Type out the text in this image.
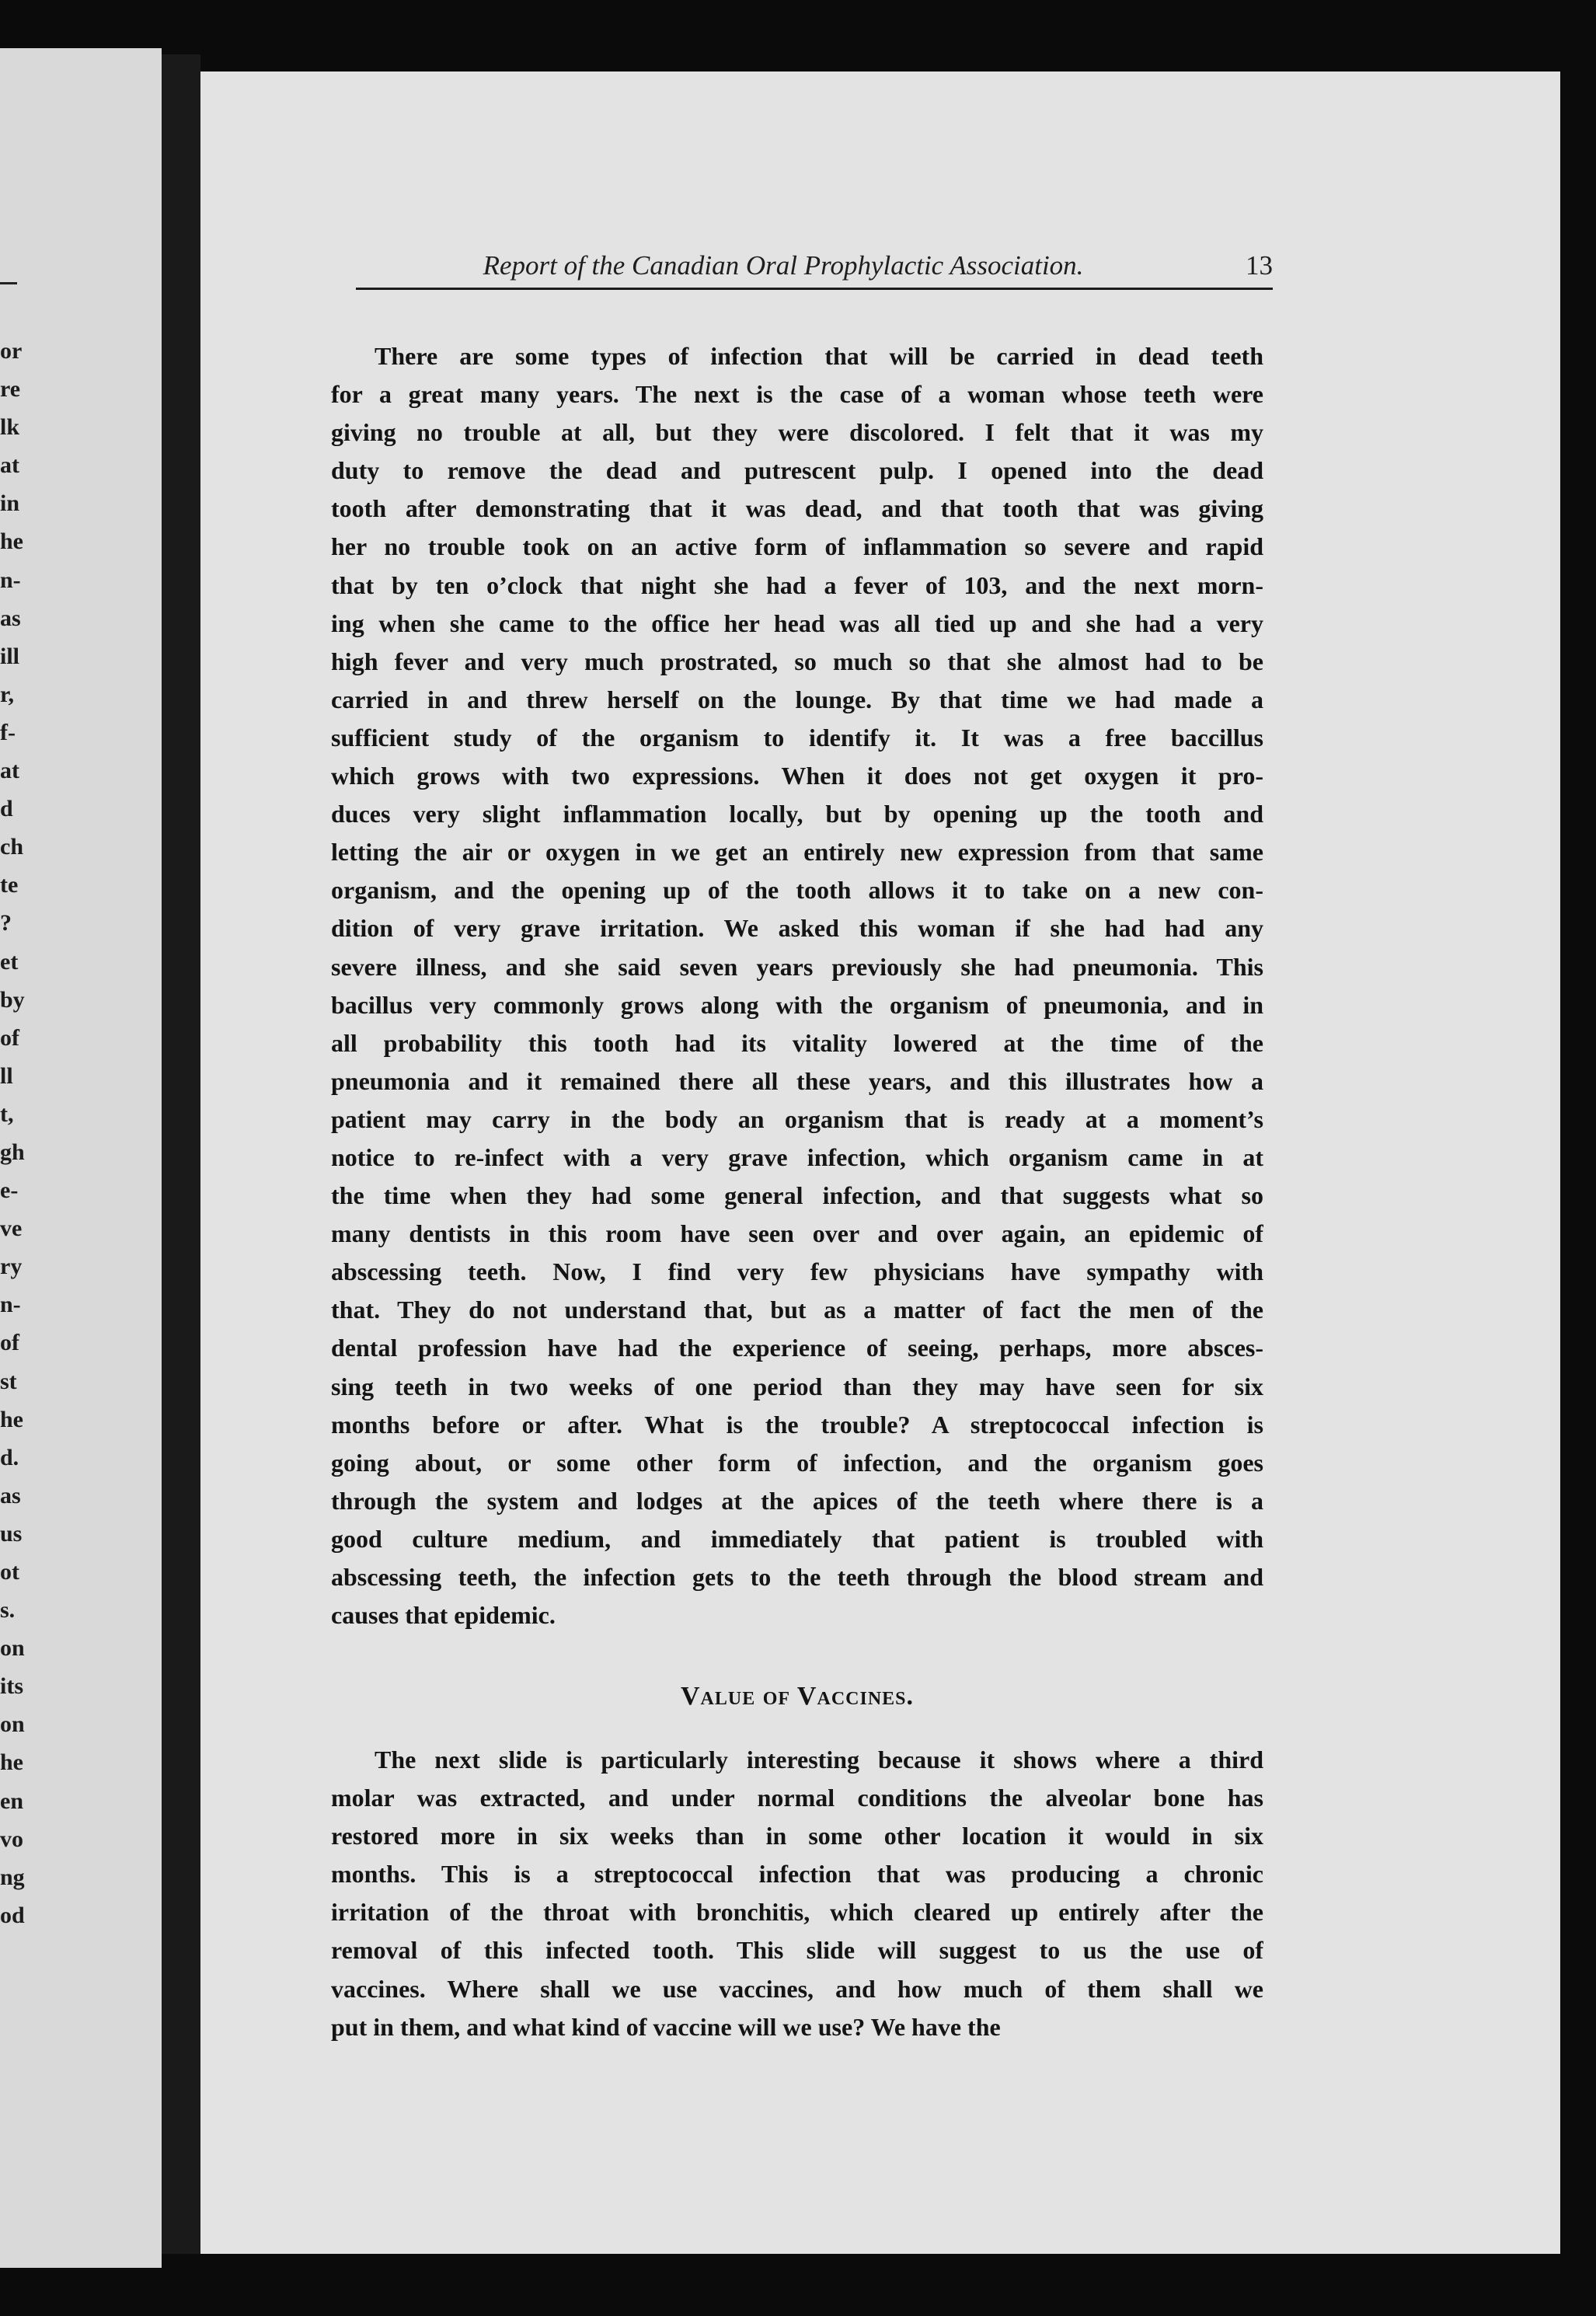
or
re
lk
at
in
he
n-
as
ill
r,
f-
at
d
ch
te
?
et
by
of
ll
t,
gh
e-
ve
ry
n-
of
st
he
d.
as
us
ot
s.
on
its
on
he
en
vo
ng
od
Report of the Canadian Oral Prophylactic Association.	13
There are some types of infection that will be carried in dead teeth
for a great many years. The next is the case of a woman whose teeth were
giving no trouble at all, but they were discolored. I felt that it was my
duty to remove the dead and putrescent pulp. I opened into the dead
tooth after demonstrating that it was dead, and that tooth that was giving
her no trouble took on an active form of inflammation so severe and rapid
that by ten o’clock that night she had a fever of 103, and the next morn-
ing when she came to the office her head was all tied up and she had a very
high fever and very much prostrated, so much so that she almost had to be
carried in and threw herself on the lounge. By that time we had made a
sufficient study of the organism to identify it. It was a free baccillus
which grows with two expressions. When it does not get oxygen it pro-
duces very slight inflammation locally, but by opening up the tooth and
letting the air or oxygen in we get an entirely new expression from that same
organism, and the opening up of the tooth allows it to take on a new con-
dition of very grave irritation. We asked this woman if she had had any
severe illness, and she said seven years previously she had pneumonia. This
bacillus very commonly grows along with the organism of pneumonia, and in
all probability this tooth had its vitality lowered at the time of the
pneumonia and it remained there all these years, and this illustrates how a
patient may carry in the body an organism that is ready at a moment’s
notice to re-infect with a very grave infection, which organism came in at
the time when they had some general infection, and that suggests what so
many dentists in this room have seen over and over again, an epidemic of
abscessing teeth. Now, I find very few physicians have sympathy with
that. They do not understand that, but as a matter of fact the men of the
dental profession have had the experience of seeing, perhaps, more absces-
sing teeth in two weeks of one period than they may have seen for six
months before or after. What is the trouble? A streptococcal infection is
going about, or some other form of infection, and the organism goes
through the system and lodges at the apices of the teeth where there is a
good culture medium, and immediately that patient is troubled with
abscessing teeth, the infection gets to the teeth through the blood stream and
causes that epidemic.
Value of Vaccines.
The next slide is particularly interesting because it shows where a third
molar was extracted, and under normal conditions the alveolar bone has
restored more in six weeks than in some other location it would in six
months. This is a streptococcal infection that was producing a chronic
irritation of the throat with bronchitis, which cleared up entirely after the
removal of this infected tooth. This slide will suggest to us the use of
vaccines. Where shall we use vaccines, and how much of them shall we
put in them, and what kind of vaccine will we use? We have the
